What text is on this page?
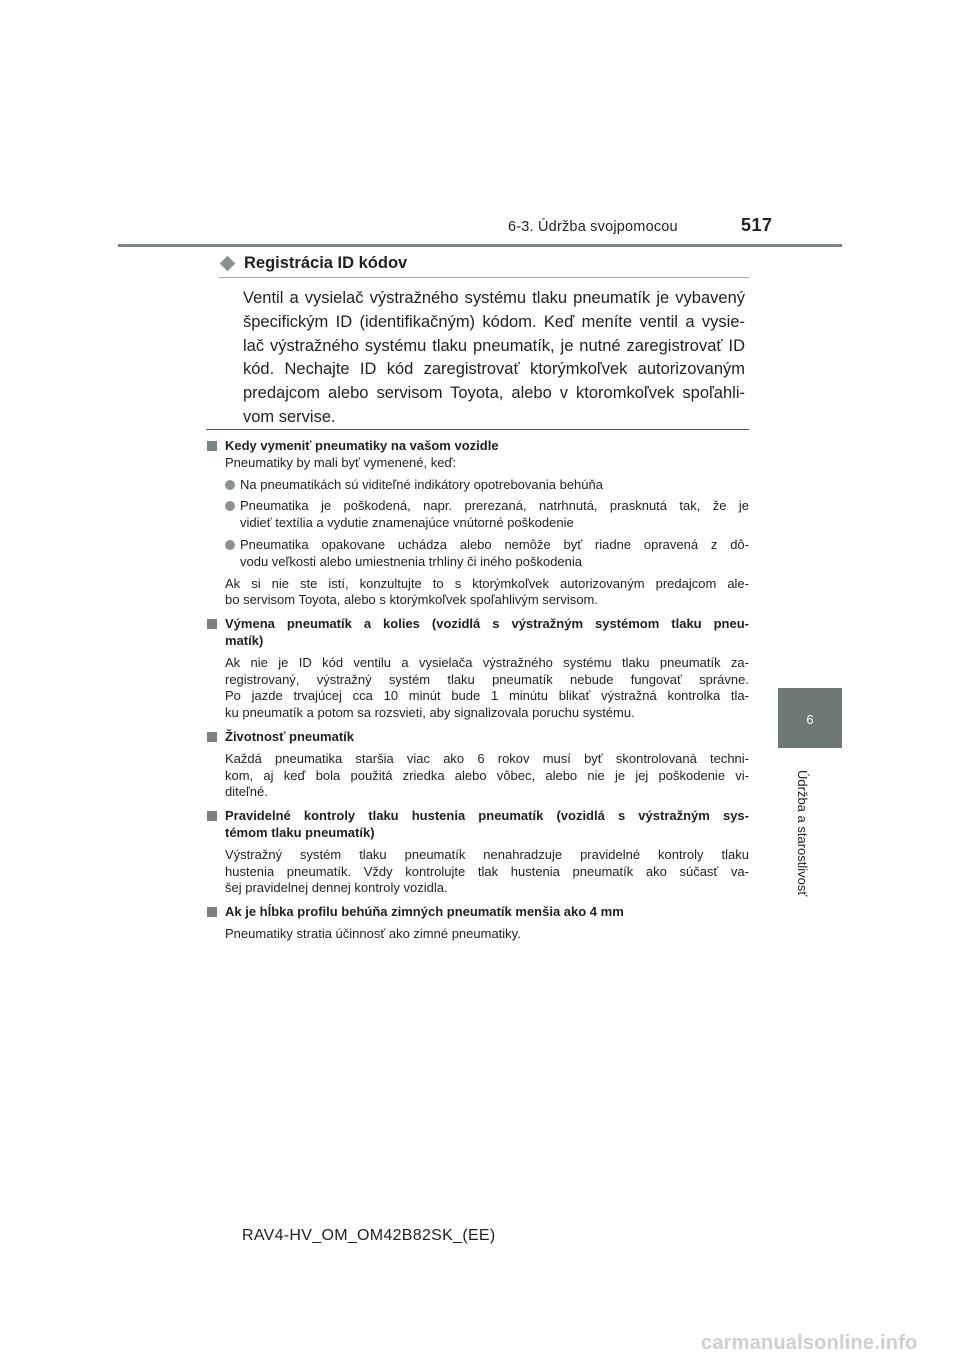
6-3. Údržba svojpomocou	517
6
Údržba a starostlivosť
Registrácia ID kódov
Ventil a vysielač výstražného systému tlaku pneumatík je vybavený
špecifickým ID (identifikačným) kódom. Keď meníte ventil a vysie-
lač výstražného systému tlaku pneumatík, je nutné zaregistrovať ID
kód. Nechajte ID kód zaregistrovať ktorýmkoľvek autorizovaným
predajcom alebo servisom Toyota, alebo v ktoromkoľvek spoľahli-
vom servise.
Kedy vymeniť pneumatiky na vašom vozidle
Pneumatiky by mali byť vymenené, keď:
Na pneumatikách sú viditeľné indikátory opotrebovania behúňa
Pneumatika je poškodená, napr. prerezaná, natrhnutá, prasknutá tak, že je
vidieť textília a vydutie znamenajúce vnútorné poškodenie
Pneumatika opakovane uchádza alebo nemôže byť riadne opravená z dô-
vodu veľkosti alebo umiestnenia trhliny či iného poškodenia
Ak si nie ste istí, konzultujte to s ktorýmkoľvek autorizovaným predajcom ale-
bo servisom Toyota, alebo s ktorýmkoľvek spoľahlivým servisom.
Výmena pneumatík a kolies (vozidlá s výstražným systémom tlaku pneu-
matík)
Ak nie je ID kód ventilu a vysielača výstražného systému tlaku pneumatík za-
registrovaný, výstražný systém tlaku pneumatík nebude fungovať správne.
Po jazde trvajúcej cca 10 minút bude 1 minútu blikať výstražná kontrolka tla-
ku pneumatík a potom sa rozsvieti, aby signalizovala poruchu systému.
Životnosť pneumatík
Každá pneumatika staršia viac ako 6 rokov musí byť skontrolovaná techni-
kom, aj keď bola použitá zriedka alebo vôbec, alebo nie je jej poškodenie vi-
diteľné.
Pravidelné kontroly tlaku hustenia pneumatík (vozidlá s výstražným sys-
témom tlaku pneumatík)
Výstražný systém tlaku pneumatík nenahradzuje pravidelné kontroly tlaku
hustenia pneumatík. Vždy kontrolujte tlak hustenia pneumatík ako súčasť va-
šej pravidelnej dennej kontroly vozidla.
Ak je hĺbka profilu behúňa zimných pneumatík menšia ako 4 mm
Pneumatiky stratia účinnosť ako zimné pneumatiky.
RAV4-HV_OM_OM42B82SK_(EE)
carmanualsonline.info
